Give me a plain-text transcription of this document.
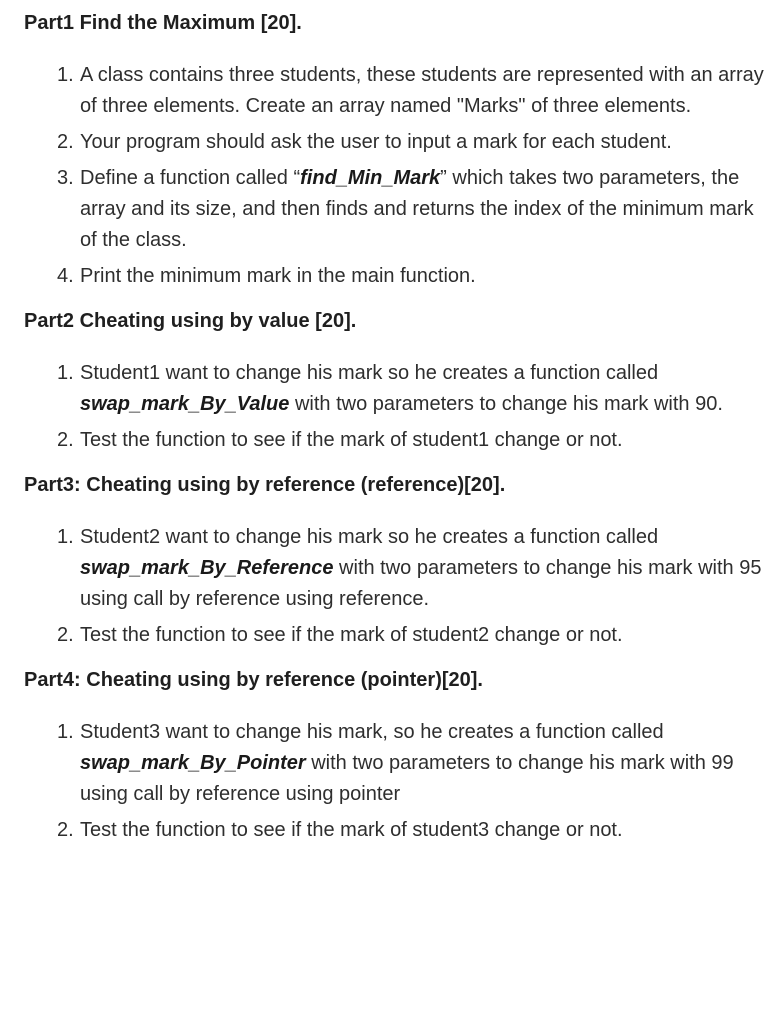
Part1 Find the Maximum [20].
1. A class contains three students, these students are represented with an array of three elements. Create an array named "Marks" of three elements.
2. Your program should ask the user to input a mark for each student.
3. Define a function called “find_Min_Mark” which takes two parameters, the array and its size, and then finds and returns the index of the minimum mark of the class.
4. Print the minimum mark in the main function.
Part2 Cheating using by value [20].
1. Student1 want to change his mark so he creates a function called swap_mark_By_Value with two parameters to change his mark with 90.
2. Test the function to see if the mark of student1 change or not.
Part3: Cheating using by reference (reference)[20].
1. Student2 want to change his mark so he creates a function called swap_mark_By_Reference with two parameters to change his mark with 95 using call by reference using reference.
2. Test the function to see if the mark of student2 change or not.
Part4: Cheating using by reference (pointer)[20].
1. Student3 want to change his mark, so he creates a function called swap_mark_By_Pointer with two parameters to change his mark with 99 using call by reference using pointer
2. Test the function to see if the mark of student3 change or not.
